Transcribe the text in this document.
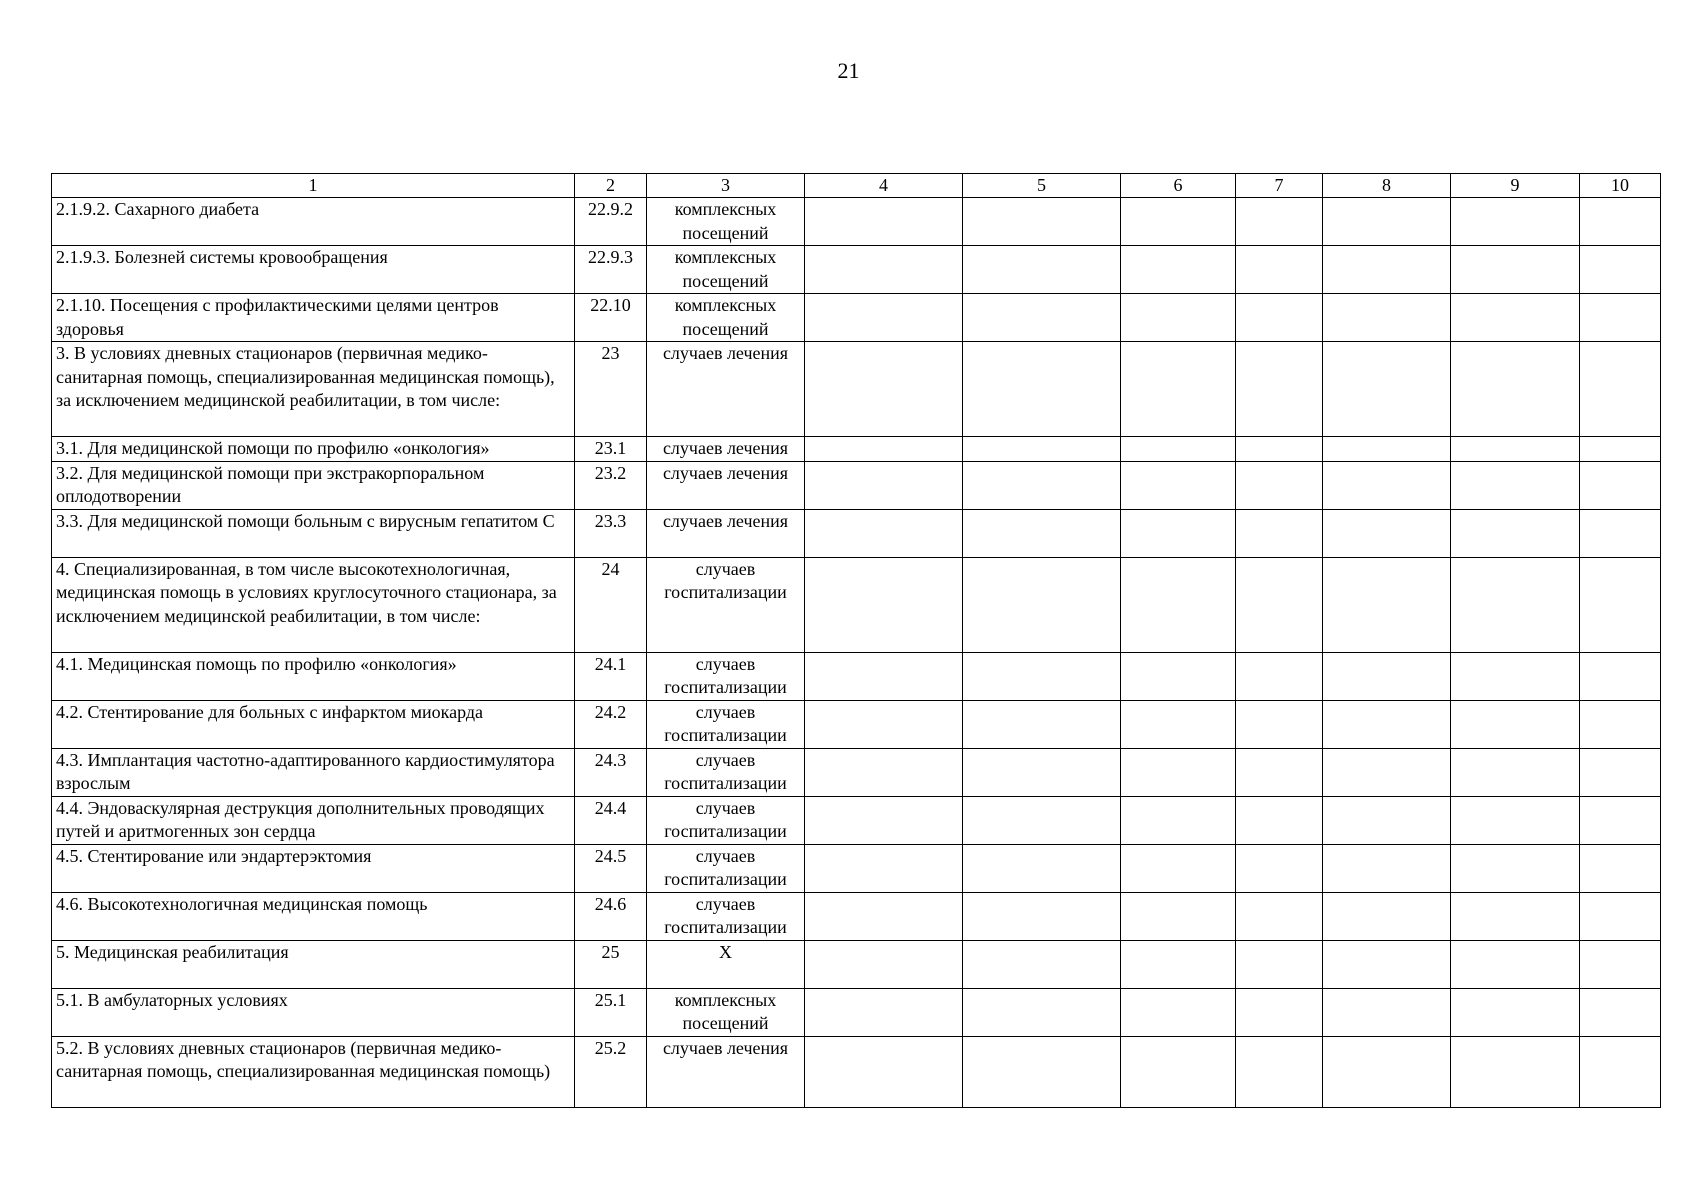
21
1	2	3	4	5	6	7	8	9	10
2.1.9.2. Сахарного диабета	22.9.2	комплексных посещений							
2.1.9.3. Болезней системы кровообращения	22.9.3	комплексных посещений							
2.1.10. Посещения с профилактическими целями центров здоровья	22.10	комплексных посещений							
3. В условиях дневных стационаров (первичная медико-санитарная помощь, специализированная медицинская помощь), за исключением медицинской реабилитации, в том числе:	23	случаев лечения							
3.1. Для медицинской помощи по профилю «онкология»	23.1	случаев лечения							
3.2. Для медицинской помощи при экстракорпоральном оплодотворении	23.2	случаев лечения							
3.3. Для медицинской помощи больным с вирусным гепатитом С	23.3	случаев лечения							
4. Специализированная, в том числе высокотехнологичная, медицинская помощь в условиях круглосуточного стационара, за исключением медицинской реабилитации, в том числе:	24	случаев госпитализации							
4.1. Медицинская помощь по профилю «онкология»	24.1	случаев госпитализации							
4.2. Стентирование для больных с инфарктом миокарда	24.2	случаев госпитализации							
4.3. Имплантация частотно-адаптированного кардиостимулятора взрослым	24.3	случаев госпитализации							
4.4. Эндоваскулярная деструкция дополнительных проводящих путей и аритмогенных зон сердца	24.4	случаев госпитализации							
4.5. Стентирование или эндартерэктомия	24.5	случаев госпитализации							
4.6. Высокотехнологичная медицинская помощь	24.6	случаев госпитализации							
5. Медицинская реабилитация	25	Х							
5.1. В амбулаторных условиях	25.1	комплексных посещений							
5.2. В условиях дневных стационаров (первичная медико-санитарная помощь, специализированная медицинская помощь)	25.2	случаев лечения							
